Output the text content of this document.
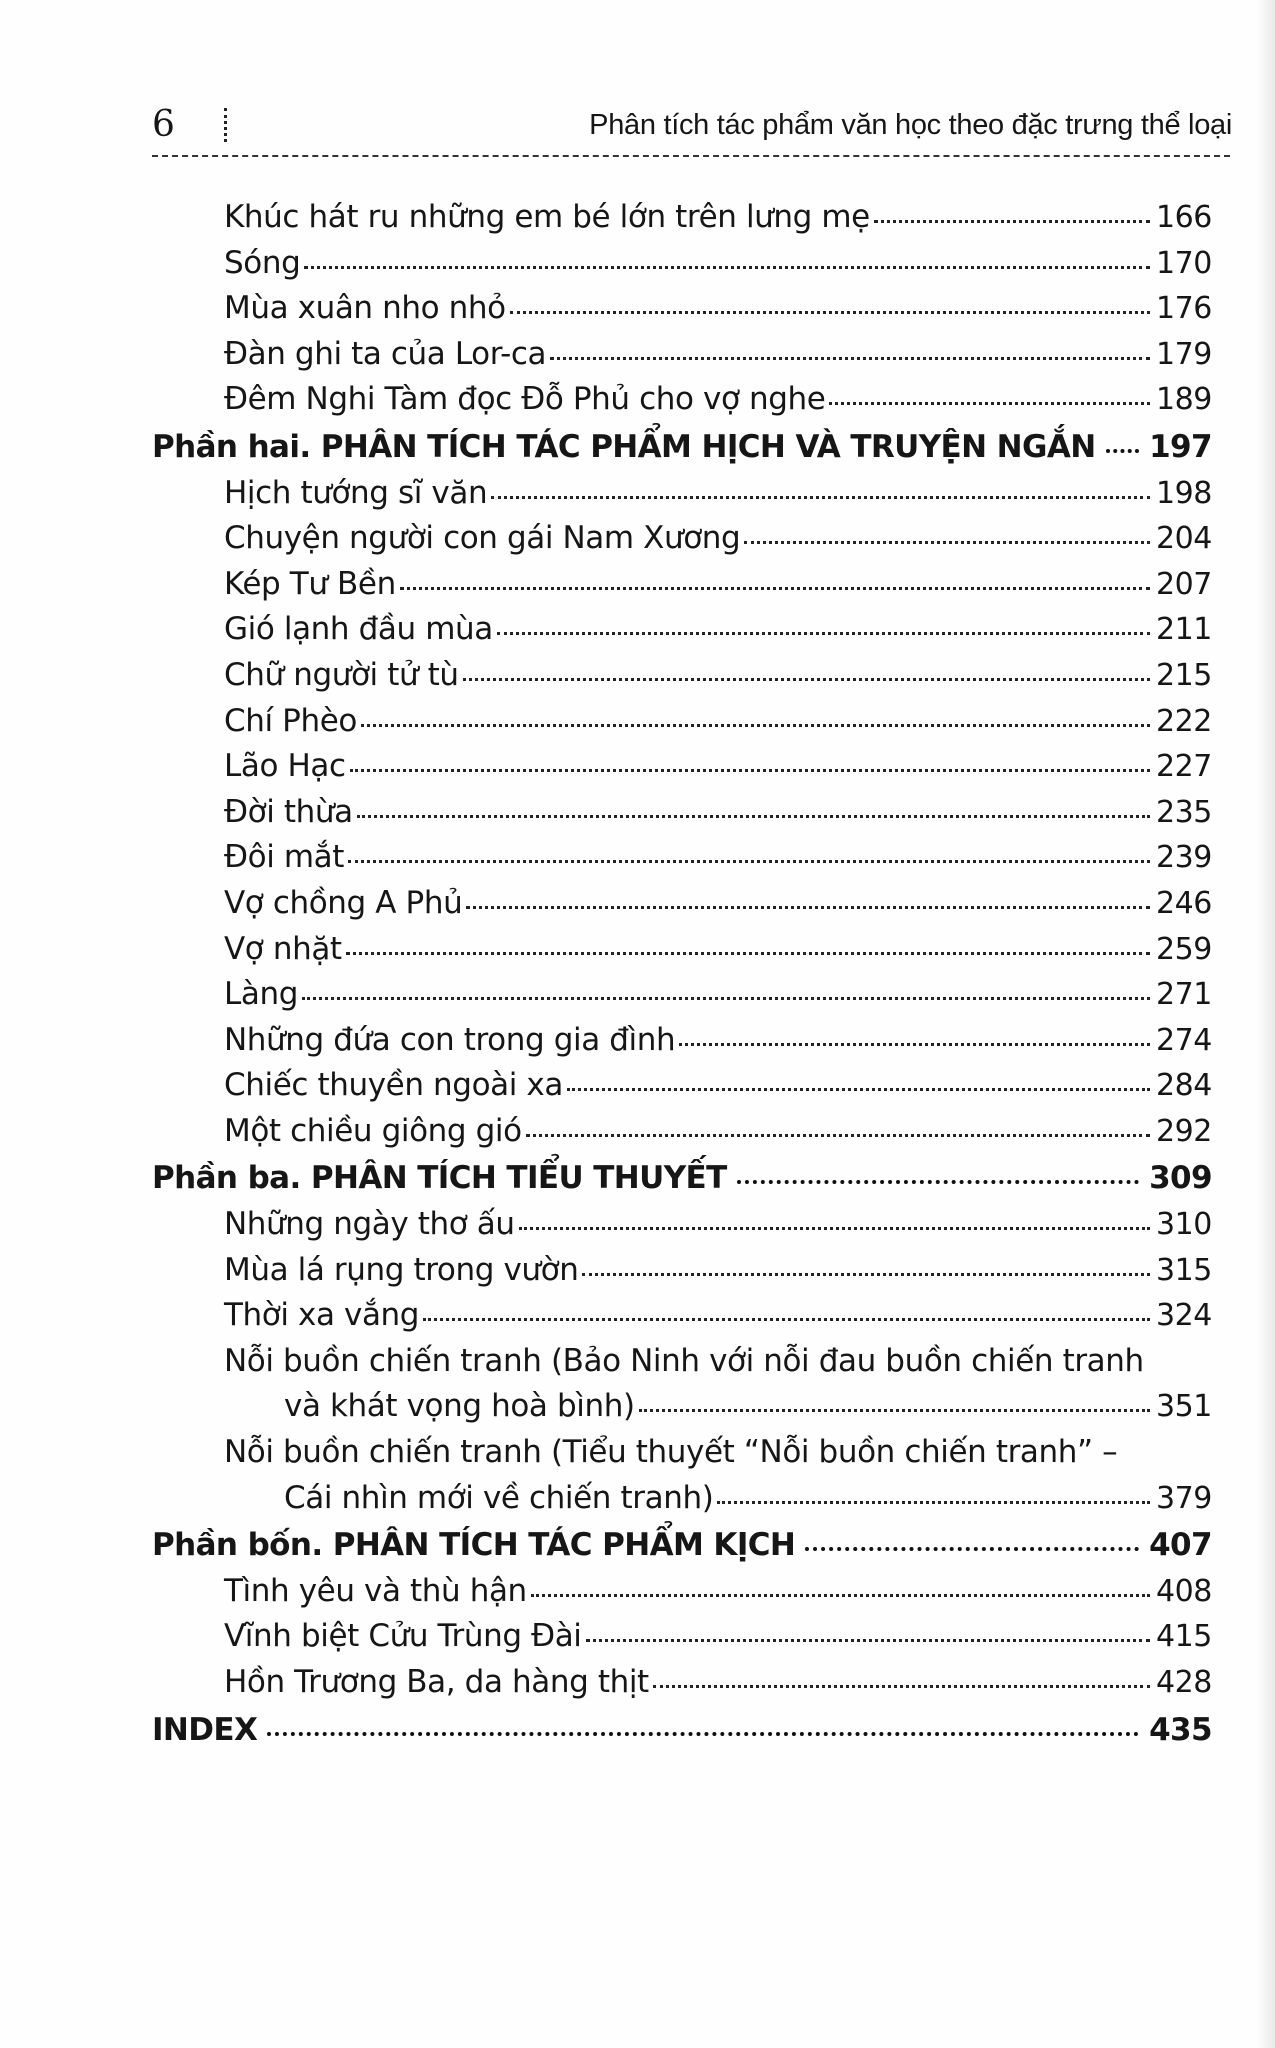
6	Phân tích tác phẩm văn học theo đặc trưng thể loại
Khúc hát ru những em bé lớn trên lưng mẹ	166
Sóng	170
Mùa xuân nho nhỏ	176
Đàn ghi ta của Lor-ca	179
Đêm Nghi Tàm đọc Đỗ Phủ cho vợ nghe	189
Phần hai. PHÂN TÍCH TÁC PHẨM HỊCH VÀ TRUYỆN NGẮN 197
Hịch tướng sĩ văn	198
Chuyện người con gái Nam Xương	204
Kép Tư Bền	207
Gió lạnh đầu mùa	211
Chữ người tử tù	215
Chí Phèo	222
Lão Hạc	227
Đời thừa	235
Đôi mắt	239
Vợ chồng A Phủ	246
Vợ nhặt	259
Làng	271
Những đứa con trong gia đình	274
Chiếc thuyền ngoài xa	284
Một chiều giông gió	292
Phần ba. PHÂN TÍCH TIỂU THUYẾT	309
Những ngày thơ ấu	310
Mùa lá rụng trong vườn	315
Thời xa vắng	324
Nỗi buồn chiến tranh (Bảo Ninh với nỗi đau buồn chiến tranh
và khát vọng hoà bình)	351
Nỗi buồn chiến tranh (Tiểu thuyết “Nỗi buồn chiến tranh” –
Cái nhìn mới về chiến tranh)	379
Phần bốn. PHÂN TÍCH TÁC PHẨM KỊCH	407
Tình yêu và thù hận	408
Vĩnh biệt Cửu Trùng Đài	415
Hồn Trương Ba, da hàng thịt	428
INDEX	435
